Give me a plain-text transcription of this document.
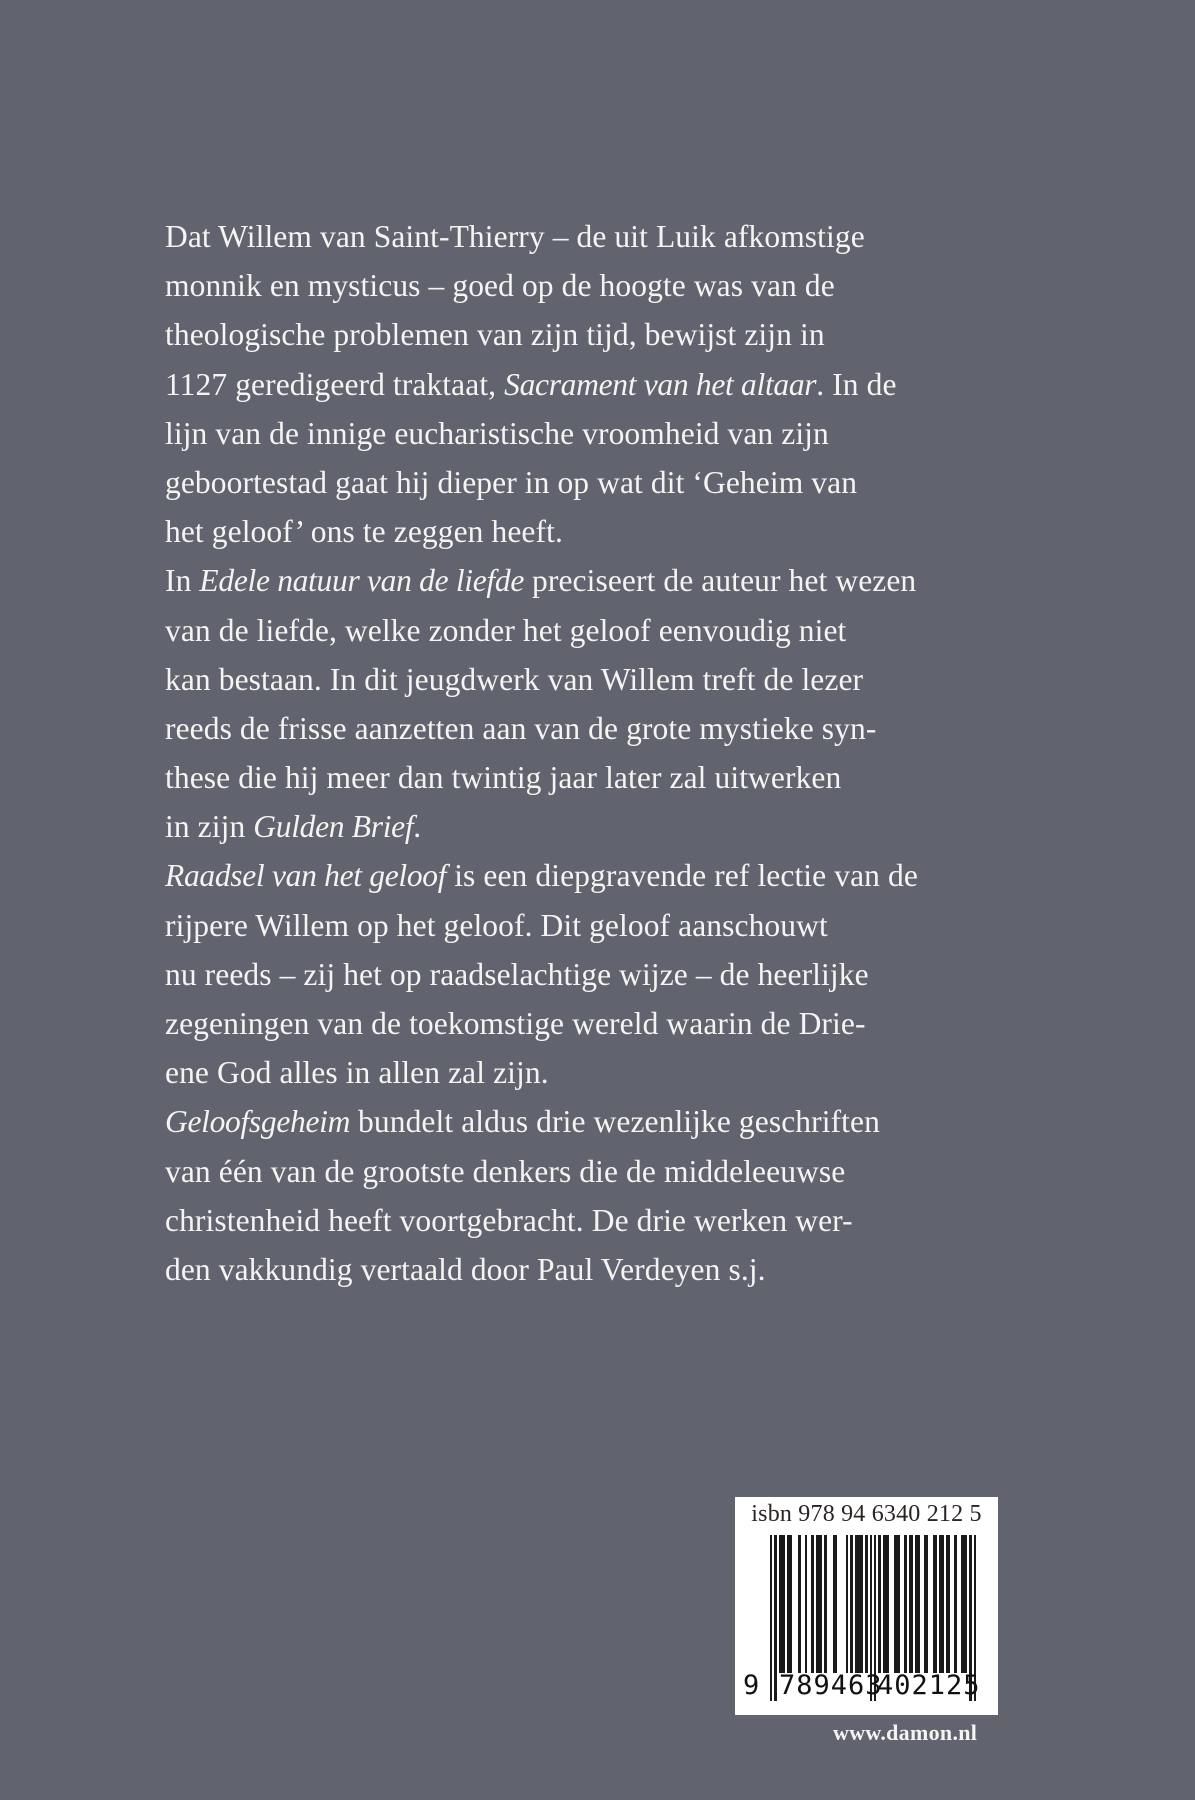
Dat Willem van Saint-Thierry – de uit Luik afkomstige
monnik en mysticus – goed op de hoogte was van de
theologische problemen van zijn tijd, bewijst zijn in
1127 geredigeerd traktaat, Sacrament van het altaar. In de
lijn van de innige eucharistische vroomheid van zijn
geboortestad gaat hij dieper in op wat dit ‘Geheim van
het geloof’ ons te zeggen heeft.
In Edele natuur van de liefde preciseert de auteur het wezen
van de liefde, welke zonder het geloof eenvoudig niet
kan bestaan. In dit jeugdwerk van Willem treft de lezer
reeds de frisse aanzetten aan van de grote mystieke syn-
these die hij meer dan twintig jaar later zal uitwerken
in zijn Gulden Brief.
Raadsel van het geloof is een diepgravende ref lectie van de
rijpere Willem op het geloof. Dit geloof aanschouwt
nu reeds – zij het op raadselachtige wijze – de heerlijke
zegeningen van de toekomstige wereld waarin de Drie-
ene God alles in allen zal zijn.
Geloofsgeheim bundelt aldus drie wezenlijke geschriften
van één van de grootste denkers die de middeleeuwse
christenheid heeft voortgebracht. De drie werken wer-
den vakkundig vertaald door Paul Verdeyen s.j.
isbn 978 94 6340 212 5
9 789463
402125
www.damon.nl
